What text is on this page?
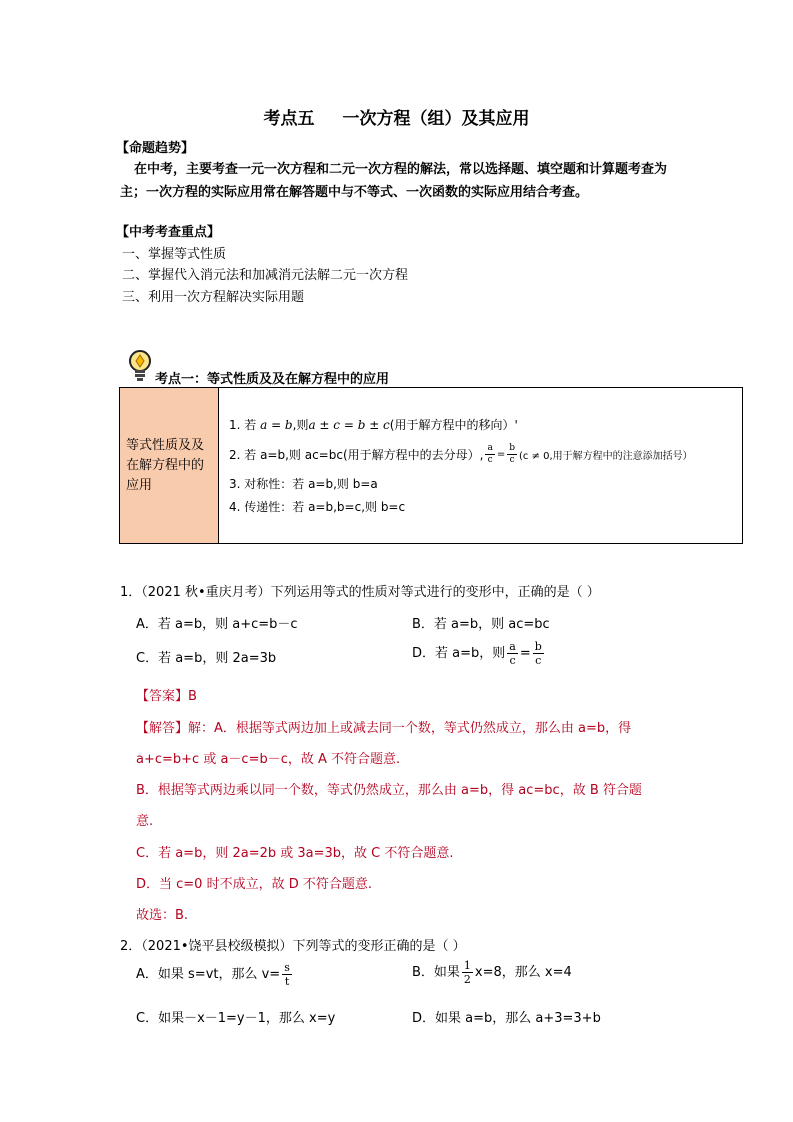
考点五 一次方程（组）及其应用
【命题趋势】
在中考，主要考查一元一次方程和二元一次方程的解法，常以选择题、填空题和计算题考查为主；一次方程的实际应用常在解答题中与不等式、一次函数的实际应用结合考查。
【中考考查重点】
一、掌握等式性质
二、掌握代入消元法和加减消元法解二元一次方程
三、利用一次方程解决实际用题
考点一：等式性质及及在解方程中的应用
等式性质及及在解方程中的应用	
1. 若
a = b ,则 a ± c = b ± c (用于解方程中的移向）'
2. 若 a=b,则 ac=bc(用于解方程中的去分母）, $\frac{a}{c} = \frac{b}{c} (c \ne 0$,用于解方程中的注意添加括号）
3. 对称性：若 a=b,则 b=a
4. 传递性：若 a=b,b=c,则 b=c
1．（2021 秋•重庆月考）下列运用等式的性质对等式进行的变形中，正确的是（ ）
A．若 a=b，则 a+c=b－c	B．若 a=b，则 ac=bc
C．若 a=b，则 2a=3b	D．若 a=b，则 $\frac{a}{c} = \frac{b}{c}$
【答案】B
【解答】解：A．根据等式两边加上或减去同一个数，等式仍然成立，那么由 a=b，得
a+c=b+c 或 a－c=b－c，故 A 不符合题意.
B．根据等式两边乘以同一个数，等式仍然成立，那么由 a=b，得 ac=bc，故 B 符合题
意.
C．若 a=b，则 2a=2b 或 3a=3b，故 C 不符合题意.
D．当 c=0 时不成立，故 D 不符合题意.
故选：B.
2．（2021•饶平县校级模拟）下列等式的变形正确的是（ ）
A．如果 s=vt，那么 $v= \frac{s}{t}$	B．如果 $\frac{1}{2} x=8$，那么 x=4
C．如果－x－1=y－1，那么 x=y	D．如果 a=b，那么 a+3=3+b
